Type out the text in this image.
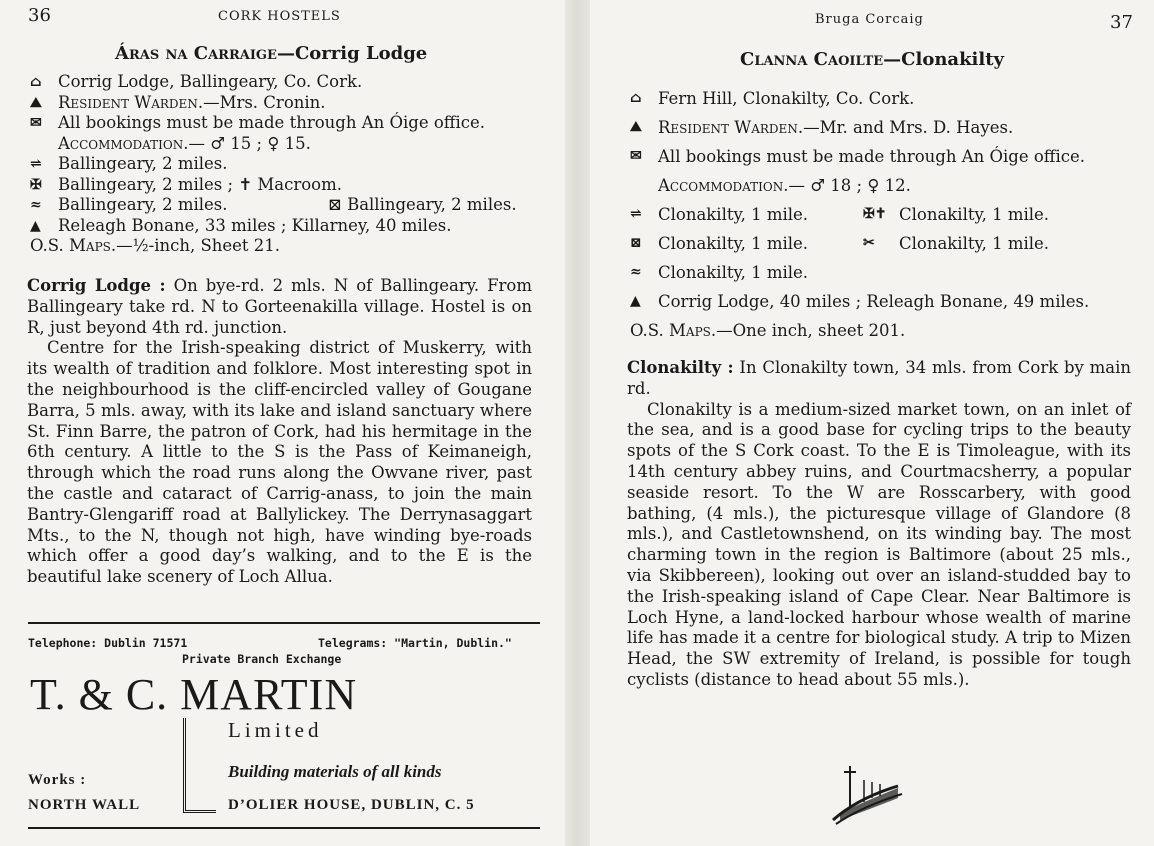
36	CORK HOSTELS
Áras na Carraige—Corrig Lodge
⌂ Corrig Lodge, Ballingeary, Co. Cork.
⛰ Resident Warden. —Mrs. Cronin.
✉ All bookings must be made through An Óige office.
Accommodation. — ♂ 15 ; ♀ 15.
⇌ Ballingeary, 2 miles.
✠ Ballingeary, 2 miles ; ✝ Macroom.
≈ Ballingeary, 2 miles.	⊠ Ballingeary, 2 miles.
▲	Releagh Bonane, 33 miles ; Killarney, 40 miles.
O.S. Maps. —½-inch, Sheet 21.
Corrig Lodge : On bye-rd. 2 mls. N of Ballingeary. From Ballingeary take rd. N to Gorteenakilla village. Hostel is on R, just beyond 4th rd. junction.
Centre for the Irish-speaking district of Muskerry, with its wealth of tradition and folklore. Most interesting spot in the neighbourhood is the cliff-encircled valley of Gougane Barra, 5 mls. away, with its lake and island sanctuary where St. Finn Barre, the patron of Cork, had his hermitage in the 6th century. A little to the S is the Pass of Keimaneigh, through which the road runs along the Owvane river, past the castle and cataract of Carrig-anass, to join the main Bantry-Glengariff road at Ballylickey. The Derrynasaggart Mts., to the N, though not high, have winding bye-roads which offer a good day’s walking, and to the E is the beautiful lake scenery of Loch Allua.
Telephone: Dublin 71571	Telegrams: "Martin, Dublin."
Private Branch Exchange
T. & C. MARTIN
Limited
Building materials of all kinds
Works :
NORTH WALL	D’OLIER HOUSE, DUBLIN, C. 5
Bruga Corcaig	37
Clanna Caoilte—Clonakilty
⌂ Fern Hill, Clonakilty, Co. Cork.
⛰ Resident Warden. —Mr. and Mrs. D. Hayes.
✉ All bookings must be made through An Óige office.
Accommodation. — ♂ 18 ; ♀ 12.
⇌ Clonakilty, 1 mile.	✠✝ Clonakilty, 1 mile.
⊠ Clonakilty, 1 mile.	✂	Clonakilty, 1 mile.
≈ Clonakilty, 1 mile.
▲	Corrig Lodge, 40 miles ; Releagh Bonane, 49 miles.
O.S. Maps. —One inch, sheet 201.
Clonakilty : In Clonakilty town, 34 mls. from Cork by main rd.
Clonakilty is a medium-sized market town, on an inlet of the sea, and is a good base for cycling trips to the beauty spots of the S Cork coast. To the E is Timoleague, with its 14th century abbey ruins, and Courtmacsherry, a popular seaside resort. To the W are Rosscarbery, with good bathing, (4 mls.), the picturesque village of Glandore (8 mls.), and Castletownshend, on its winding bay. The most charming town in the region is Baltimore (about 25 mls., via Skibbereen), looking out over an island-studded bay to the Irish-speaking island of Cape Clear. Near Baltimore is Loch Hyne, a land-locked harbour whose wealth of marine life has made it a centre for biological study. A trip to Mizen Head, the SW extremity of Ireland, is possible for tough cyclists (distance to head about 55 mls.).
